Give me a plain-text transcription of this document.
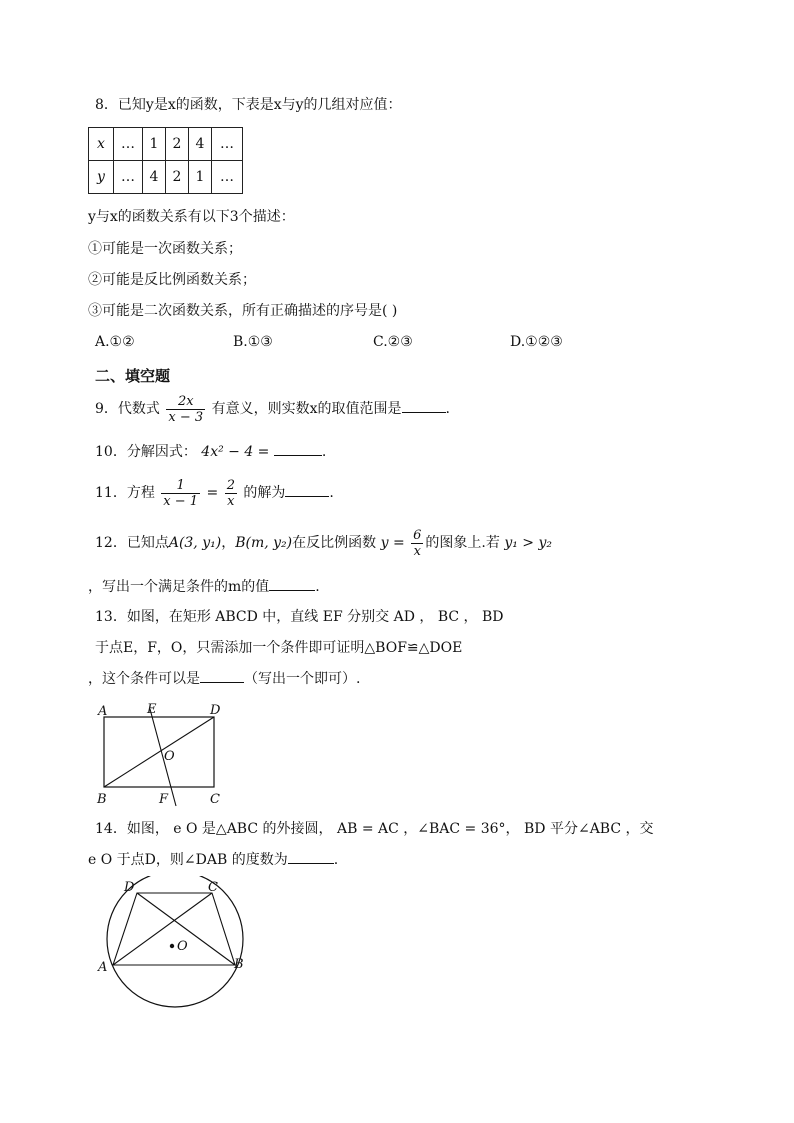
8．已知y是x的函数，下表是x与y的几组对应值：
x	…	1	2	4	…
y	…	4	2	1	…
y与x的函数关系有以下3个描述：
①可能是一次函数关系；
②可能是反比例函数关系；
③可能是二次函数关系，所有正确描述的序号是( )
A.①②	B.①③	C.②③	D.①②③
二、填空题
9．代数式 $\frac{2x}{x - 3}$ 有意义，则实数x的取值范围是	.
10．分解因式： 4x² − 4 =	.
11．方程 $\frac{1}{x - 1} = \frac{2}{x}$ 的解为	.
12．已知点A(3, y₁)，B(m, y₂)在反比例函数 $y = \frac{6}{x}$ 的图象上.若 y₁ > y₂
，写出一个满足条件的m的值	.
13．如图，在矩形 ABCD 中，直线 EF 分别交 AD ， BC ， BD
于点E，F，O，只需添加一个条件即可证明△BOF≌△DOE
，这个条件可以是	（写出一个即可）.
A	E	D
O
B	F	C
14．如图， e O 是△ABC 的外接圆， AB = AC ，∠BAC = 36°， BD 平分∠ABC ，交
e O 于点D，则∠DAB 的度数为	.
O
D	C
A	B
